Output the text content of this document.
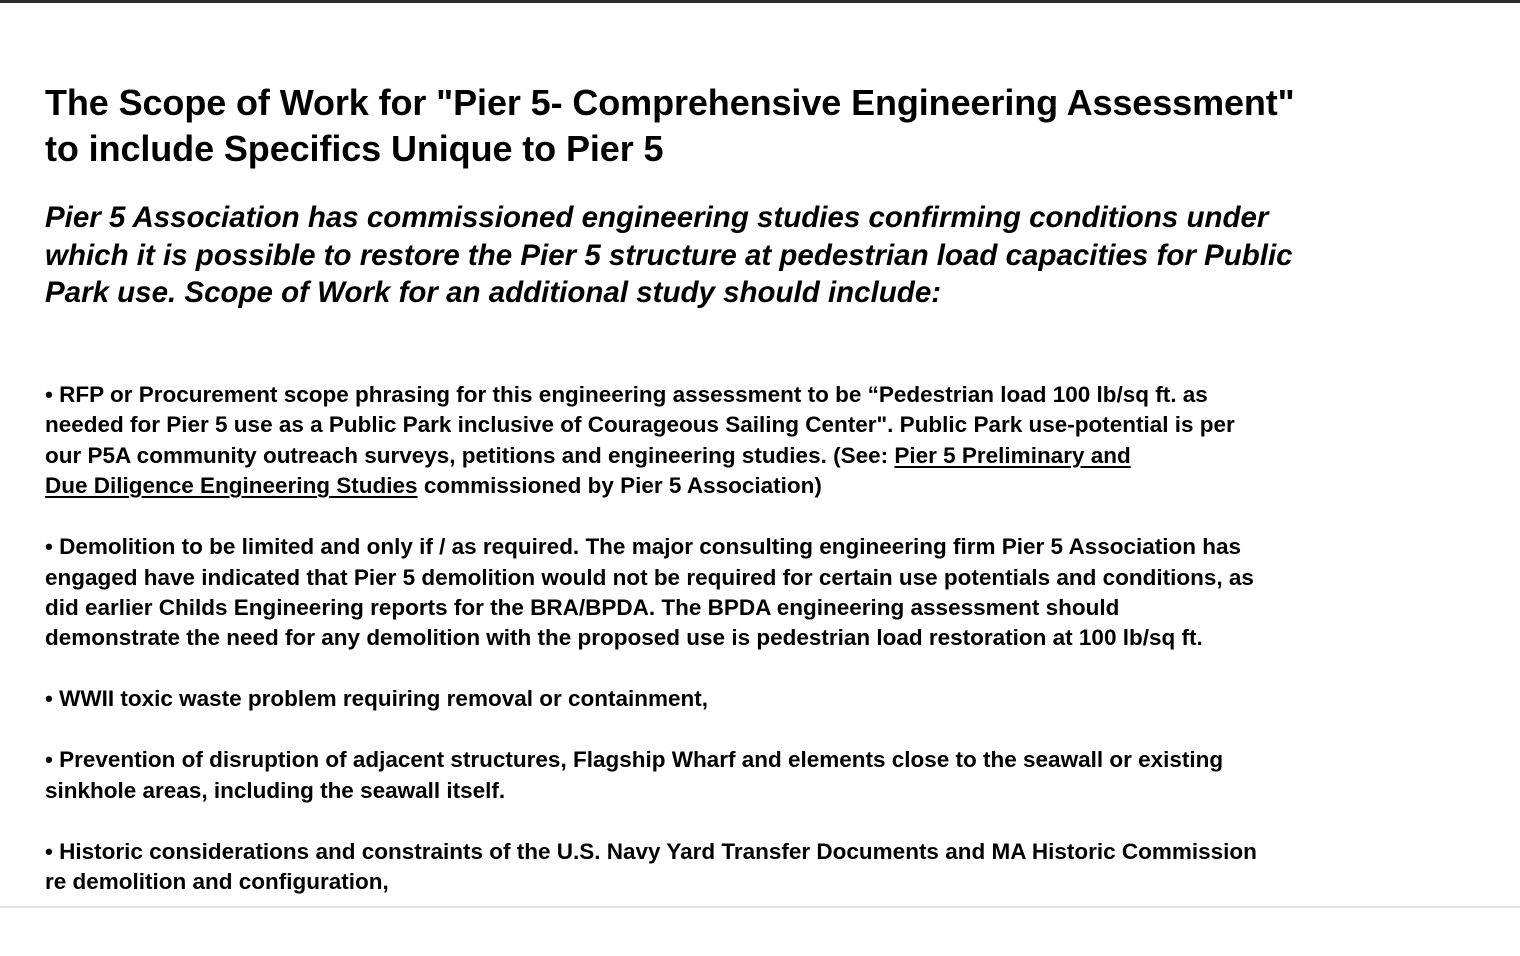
The Scope of Work for "Pier 5- Comprehensive Engineering Assessment"
to include Specifics Unique to Pier 5

Pier 5 Association has commissioned engineering studies confirming conditions under
which it is possible to restore the Pier 5 structure at pedestrian load capacities for Public
Park use. Scope of Work for an additional study should include:

• RFP or Procurement scope phrasing for this engineering assessment to be “Pedestrian load 100 lb/sq ft. as
needed for Pier 5 use as a Public Park inclusive of Courageous Sailing Center". Public Park use-potential is per
our P5A community outreach surveys, petitions and engineering studies. (See: Pier 5 Preliminary and
Due Diligence Engineering Studies commissioned by Pier 5 Association)
• Demolition to be limited and only if / as required. The major consulting engineering firm Pier 5 Association has
engaged have indicated that Pier 5 demolition would not be required for certain use potentials and conditions, as
did earlier Childs Engineering reports for the BRA/BPDA. The BPDA engineering assessment should
demonstrate the need for any demolition with the proposed use is pedestrian load restoration at 100 lb/sq ft.
• WWII toxic waste problem requiring removal or containment,
• Prevention of disruption of adjacent structures, Flagship Wharf and elements close to the seawall or existing
sinkhole areas, including the seawall itself.
• Historic considerations and constraints of the U.S. Navy Yard Transfer Documents and MA Historic Commission
re demolition and configuration,
